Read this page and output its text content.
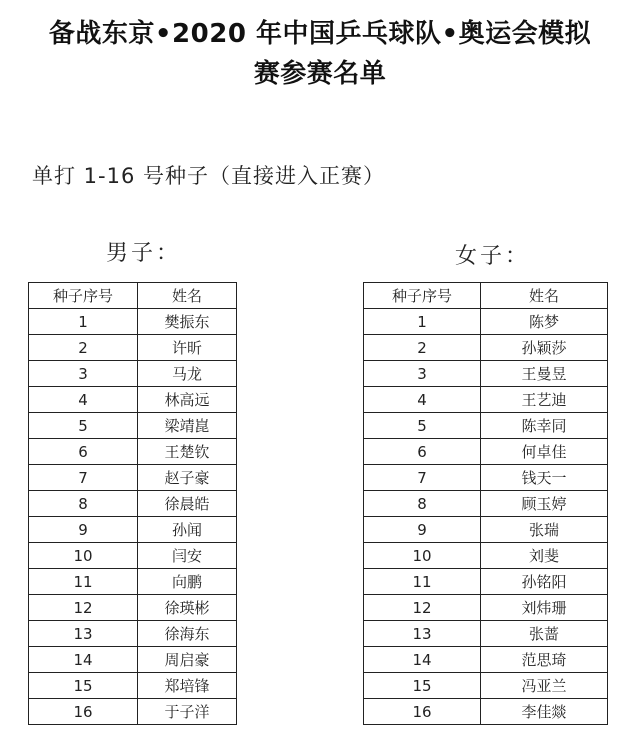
备战东京•2020 年中国乒乓球队•奥运会模拟
赛参赛名单
单打 1-16 号种子（直接进入正赛）
男子：	女子：
种子序号	姓名
1	樊振东
2	许昕
3	马龙
4	林高远
5	梁靖崑
6	王楚钦
7	赵子豪
8	徐晨皓
9	孙闻
10	闫安
11	向鹏
12	徐瑛彬
13	徐海东
14	周启豪
15	郑培锋
16	于子洋
种子序号	姓名
1	陈梦
2	孙颖莎
3	王曼昱
4	王艺迪
5	陈幸同
6	何卓佳
7	钱天一
8	顾玉婷
9	张瑞
10	刘斐
11	孙铭阳
12	刘炜珊
13	张蔷
14	范思琦
15	冯亚兰
16	李佳燚
